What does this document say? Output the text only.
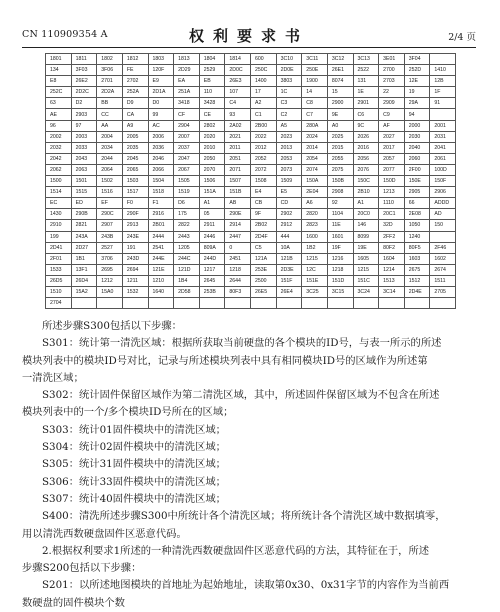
CN 110909354 A	权利要求书	2/4 页
1801	1811	1802	1812	1803	1813	1804	1814	600	3C10	3C11	3C12	3C13	3E01	3F04	
134	3F03	3F06	FE	120F	2D29	2529	2D0C	250C	2D0E	250E	26E1	2522	2700	252D	1410
E8	26E2	2701	2702	E9	EA	EB	26E3	1400	3803	1900	8074	131	2703	12E	12B
252C	2D2C	2D2A	252A	2D1A	251A	110	107	17	1C	14	15	1E	22	19	1F
63	D2	BB	D9	D0	3418	3428	C4	A2	C3	C8	2900	2901	2909	29A	91
AE	2903	CC	CA	99	CF	CE	93	C1	C2	C7	9E	C6	C9	94	
96	97	AA	A9	AC	2904	2802	2A02	2B00	A5	280A	A0	9C	AF	2000	2001
2002	2003	2004	2005	2006	2007	2020	2021	2022	2023	2024	2025	2026	2027	2030	2031
2032	2033	2034	2035	2036	2037	2010	2011	2012	2013	2014	2015	2016	2017	2040	2041
2042	2043	2044	2045	2046	2047	2050	2051	2052	2053	2054	2055	2056	2057	2060	2061
2062	2063	2064	2065	2066	2067	2070	2071	2072	2073	2074	2075	2076	2077	2F00	100D
1500	1501	1502	1503	1504	1505	1506	1507	1508	1509	150A	150B	150C	150D	150E	150F
1514	1515	1516	1517	1518	1519	151A	151B	E4	E5	2E04	2908	2B10	1213	2905	2906
EC	ED	EF	F0	F1	D6	A1	AB	CB	CD	A6	92	A1	1110	66	ADDD
1430	290B	290C	290F	2916	175	05	290E	9F	2902	2820	1104	20C0	20C1	2E08	AD
2910	2821	2907	2913	2B01	2822	2911	2914	2B02	2912	2823	11E	146	32D	1050	150
199	243A	243B	243E	2444	2443	2446	2447	2D4F	444	1600	1601	8099	2FF2	1240	
2D41	2D27	2527	191	2541	1205	809A	0	C5	10A	1B2	19F	19E	80F2	80F5	2F46
2F01	1B1	3706	243D	244E	244C	244D	2451	121A	121B	1215	1216	1605	1604	1603	1602
1533	13F1	2695	2694	121E	121D	1217	1218	253E	2D3E	12C	1218	1215	1214	2675	2674
26D5	26D4	1212	1211	1210	1B4	2645	2644	2500	151F	151E	151D	151C	1513	1512	1511
1510	15A2	15A0	1532	1640	2D58	253B	80F3	26E5	26E4	3C25	3C15	3C24	3C14	2D4E	2705
2704															
所述步骤S300包括以下步骤：
S301：统计第一清洗区域：根据所获取当前硬盘的各个模块的ID号，与表一所示的所述
模块列表中的模块ID号对比，记录与所述模块列表中具有相同模块ID号的区域作为所述第
一清洗区域；
S302：统计固件保留区域作为第二清洗区域，其中，所述固件保留区域为不包含在所述
模块列表中的一个/多个模块ID号所在的区域；
S303：统计01固件模块中的清洗区域；
S304：统计02固件模块中的清洗区域；
S305：统计31固件模块中的清洗区域；
S306：统计33固件模块中的清洗区域；
S307：统计40固件模块中的清洗区域；
S400：清洗所述步骤S300中所统计各个清洗区域；将所统计各个清洗区域中数据填零，
用以清洗西数硬盘固件区恶意代码。
2.根据权利要求1所述的一种清洗西数硬盘固件区恶意代码的方法，其特征在于，所述
步骤S200包括以下步骤：
S201：以所述地图模块的首地址为起始地址，读取第0x30、0x31字节的内容作为当前西
数硬盘的固件模块个数
